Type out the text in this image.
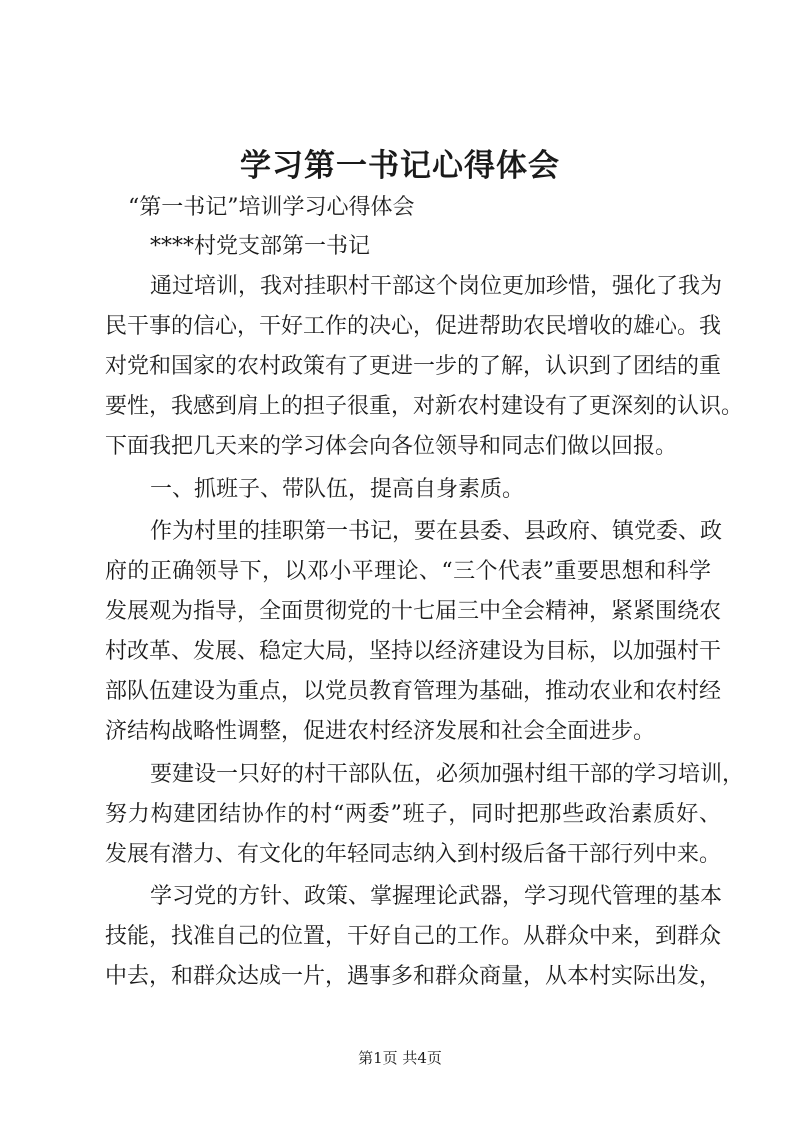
学习第一书记心得体会
“第一书记”培训学习心得体会
****村党支部第一书记
通过培训，我对挂职村干部这个岗位更加珍惜，强化了我为
民干事的信心，干好工作的决心，促进帮助农民增收的雄心。我
对党和国家的农村政策有了更进一步的了解，认识到了团结的重
要性，我感到肩上的担子很重，对新农村建设有了更深刻的认识。
下面我把几天来的学习体会向各位领导和同志们做以回报。
一、抓班子、带队伍，提高自身素质。
作为村里的挂职第一书记，要在县委、县政府、镇党委、政
府的正确领导下，以邓小平理论、“三个代表”重要思想和科学
发展观为指导，全面贯彻党的十七届三中全会精神，紧紧围绕农
村改革、发展、稳定大局，坚持以经济建设为目标，以加强村干
部队伍建设为重点，以党员教育管理为基础，推动农业和农村经
济结构战略性调整，促进农村经济发展和社会全面进步。
要建设一只好的村干部队伍，必须加强村组干部的学习培训，
努力构建团结协作的村“两委”班子，同时把那些政治素质好、
发展有潜力、有文化的年轻同志纳入到村级后备干部行列中来。
学习党的方针、政策、掌握理论武器，学习现代管理的基本
技能，找准自己的位置，干好自己的工作。从群众中来，到群众
中去，和群众达成一片，遇事多和群众商量，从本村实际出发，
第1页 共4页
